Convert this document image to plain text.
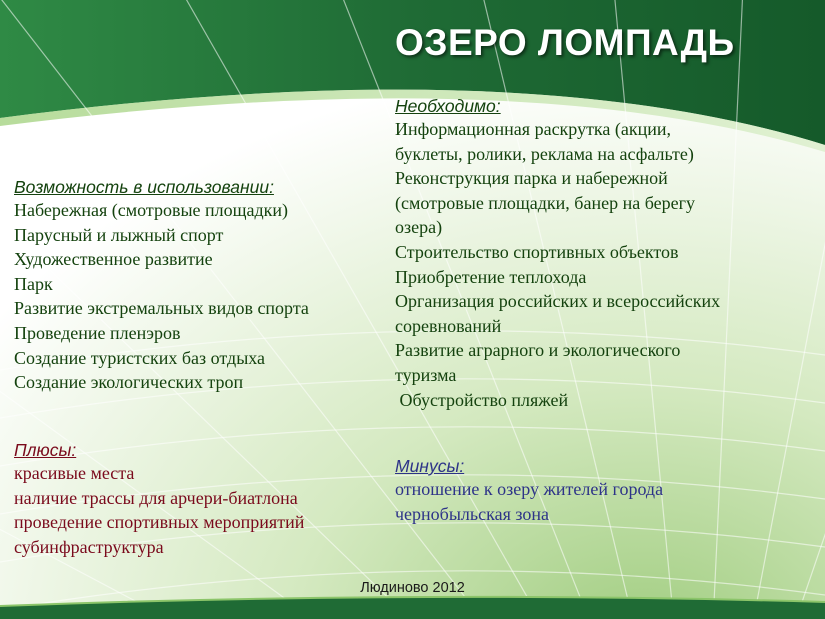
ОЗЕРО ЛОМПАДЬ
Возможность в использовании:
Набережная (смотровые площадки)
Парусный и лыжный спорт
Художественное развитие
Парк
Развитие экстремальных видов спорта
Проведение пленэров
Создание туристских баз отдыха
Создание экологических троп
Плюсы:
красивые места
наличие трассы для арчери-биатлона
проведение спортивных мероприятий
субинфраструктура
Необходимо:
Информационная раскрутка (акции,
буклеты, ролики, реклама на асфальте)
Реконструкция парка и набережной
(смотровые площадки, банер на берегу
озера)
Строительство спортивных объектов
Приобретение теплохода
Организация российских и всероссийских
соревнований
Развитие аграрного и экологического
туризма
Обустройство пляжей
Минусы:
отношение к озеру жителей города
чернобыльская зона
Людиново 2012
